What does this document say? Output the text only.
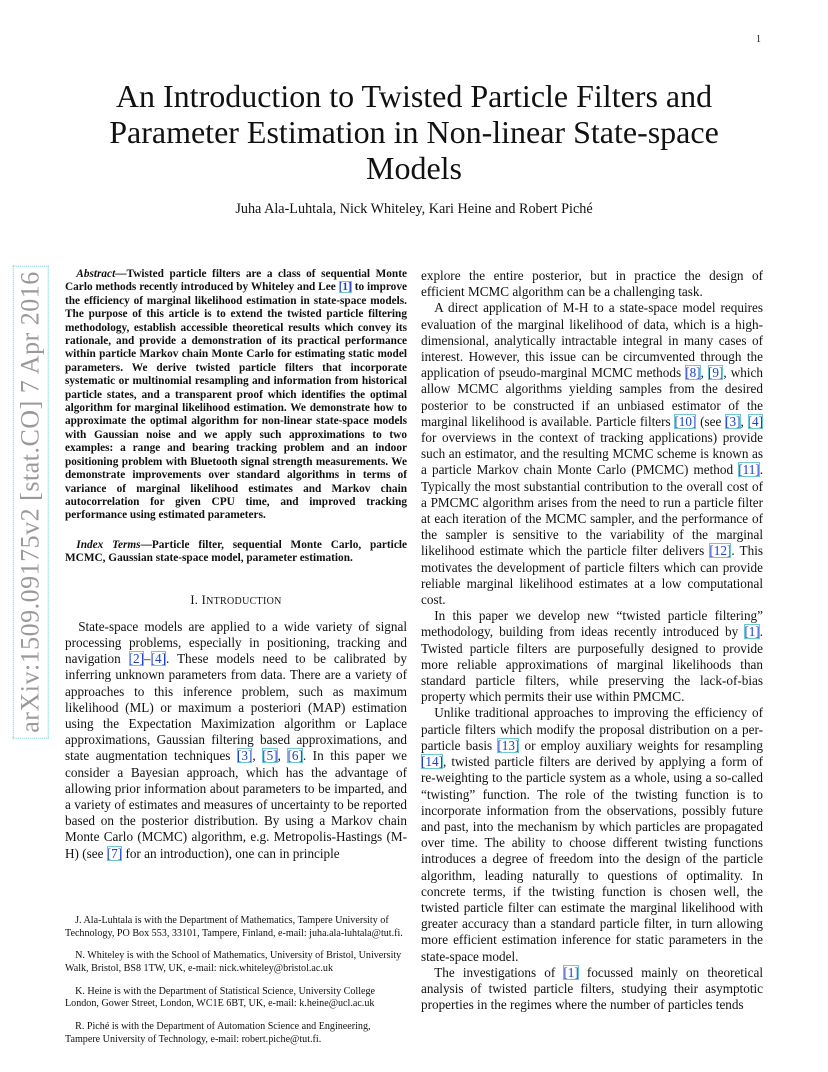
1
arXiv:1509.09175v2 [stat.CO] 7 Apr 2016
An Introduction to Twisted Particle Filters and
Parameter Estimation in Non-linear State-space
Models
Juha Ala-Luhtala, Nick Whiteley, Kari Heine and Robert Piché

Abstract—Twisted particle filters are a class of sequential Monte Carlo methods recently introduced by Whiteley and Lee [1] to improve the efficiency of marginal likelihood estimation in state-space models. The purpose of this article is to extend the twisted particle filtering methodology, establish accessible theoretical results which convey its rationale, and provide a demonstration of its practical performance within particle Markov chain Monte Carlo for estimating static model parameters. We derive twisted particle filters that incorporate systematic or multinomial resampling and information from historical particle states, and a transparent proof which identifies the optimal algorithm for marginal likelihood estimation. We demonstrate how to approximate the optimal algorithm for non-linear state-space models with Gaussian noise and we apply such approximations to two examples: a range and bearing tracking problem and an indoor positioning problem with Bluetooth signal strength measurements. We demonstrate improvements over standard algorithms in terms of variance of marginal likelihood estimates and Markov chain autocorrelation for given CPU time, and improved tracking performance using estimated parameters.

Index Terms—Particle filter, sequential Monte Carlo, particle MCMC, Gaussian state-space model, parameter estimation.

I. INTRODUCTION

State-space models are applied to a wide variety of signal processing problems, especially in positioning, tracking and navigation [2]–[4]. These models need to be calibrated by inferring unknown parameters from data. There are a variety of approaches to this inference problem, such as maximum likelihood (ML) or maximum a posteriori (MAP) estimation using the Expectation Maximization algorithm or Laplace approximations, Gaussian filtering based approximations, and state augmentation techniques [3], [5], [6]. In this paper we consider a Bayesian approach, which has the advantage of allowing prior information about parameters to be imparted, and a variety of estimates and measures of uncertainty to be reported based on the posterior distribution. By using a Markov chain Monte Carlo (MCMC) algorithm, e.g. Metropolis-Hastings (M-H) (see [7] for an introduction), one can in principle

J. Ala-Luhtala is with the Department of Mathematics, Tampere University of Technology, PO Box 553, 33101, Tampere, Finland, e-mail: juha.ala-luhtala@tut.fi.

N. Whiteley is with the School of Mathematics, University of Bristol, University Walk, Bristol, BS8 1TW, UK, e-mail: nick.whiteley@bristol.ac.uk

K. Heine is with the Department of Statistical Science, University College London, Gower Street, London, WC1E 6BT, UK, e-mail: k.heine@ucl.ac.uk

R. Piché is with the Department of Automation Science and Engineering, Tampere University of Technology, e-mail: robert.piche@tut.fi.

explore the entire posterior, but in practice the design of efficient MCMC algorithm can be a challenging task.

A direct application of M-H to a state-space model requires evaluation of the marginal likelihood of data, which is a high-dimensional, analytically intractable integral in many cases of interest. However, this issue can be circumvented through the application of pseudo-marginal MCMC methods [8], [9], which allow MCMC algorithms yielding samples from the desired posterior to be constructed if an unbiased estimator of the marginal likelihood is available. Particle filters [10] (see [3], [4] for overviews in the context of tracking applications) provide such an estimator, and the resulting MCMC scheme is known as a particle Markov chain Monte Carlo (PMCMC) method [11]. Typically the most substantial contribution to the overall cost of a PMCMC algorithm arises from the need to run a particle filter at each iteration of the MCMC sampler, and the performance of the sampler is sensitive to the variability of the marginal likelihood estimate which the particle filter delivers [12]. This motivates the development of particle filters which can provide reliable marginal likelihood estimates at a low computational cost.

In this paper we develop new “twisted particle filtering” methodology, building from ideas recently introduced by [1]. Twisted particle filters are purposefully designed to provide more reliable approximations of marginal likelihoods than standard particle filters, while preserving the lack-of-bias property which permits their use within PMCMC.

Unlike traditional approaches to improving the efficiency of particle filters which modify the proposal distribution on a per-particle basis [13] or employ auxiliary weights for resampling [14], twisted particle filters are derived by applying a form of re-weighting to the particle system as a whole, using a so-called “twisting” function. The role of the twisting function is to incorporate information from the observations, possibly future and past, into the mechanism by which particles are propagated over time. The ability to choose different twisting functions introduces a degree of freedom into the design of the particle algorithm, leading naturally to questions of optimality. In concrete terms, if the twisting function is chosen well, the twisted particle filter can estimate the marginal likelihood with greater accuracy than a standard particle filter, in turn allowing more efficient estimation inference for static parameters in the state-space model.

The investigations of [1] focussed mainly on theoretical analysis of twisted particle filters, studying their asymptotic properties in the regimes where the number of particles tends
